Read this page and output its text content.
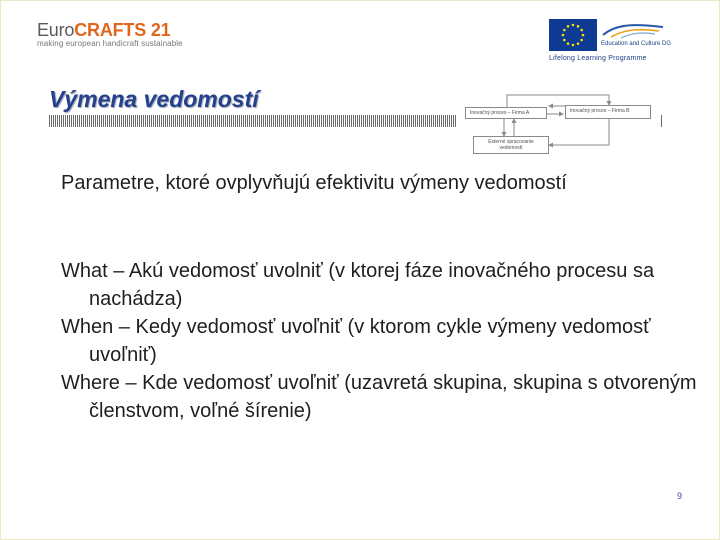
EuroCRAFTS 21
making european handicraft sustainable	Education and Culture DG
Lifelong Learning Programme
Výmena vedomostí
Inovačný proces – Firma A	Inovačný proces – Firma B
Externé spracovanie vedomostí

Parametre, ktoré ovplyvňujú efektivitu výmeny vedomostí

What – Akú vedomosť uvolniť (v ktorej fáze inovačného procesu sa nachádza)

When – Kedy vedomosť uvoľniť (v ktorom cykle výmeny vedomosť uvoľniť)

Where – Kde vedomosť uvoľniť (uzavretá skupina, skupina s otvoreným členstvom, voľné šírenie)

9
